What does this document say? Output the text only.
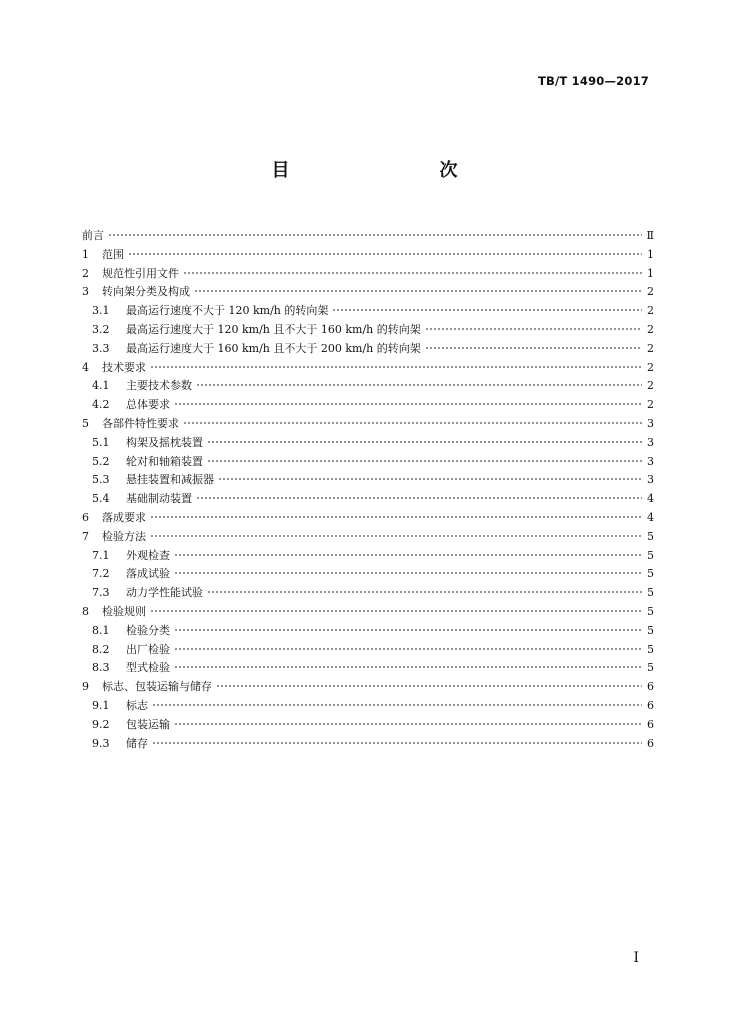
TB/T 1490—2017
目　　次
前言	Ⅱ
1	范围	1
2	规范性引用文件	1
3	转向架分类及构成	2
3.1	最高运行速度不大于 120 km/h 的转向架	2
3.2	最高运行速度大于 120 km/h 且不大于 160 km/h 的转向架	2
3.3	最高运行速度大于 160 km/h 且不大于 200 km/h 的转向架	2
4	技术要求	2
4.1	主要技术参数	2
4.2	总体要求	2
5	各部件特性要求	3
5.1	构架及摇枕装置	3
5.2	轮对和轴箱装置	3
5.3	悬挂装置和减振器	3
5.4	基础制动装置	4
6	落成要求	4
7	检验方法	5
7.1	外观检查	5
7.2	落成试验	5
7.3	动力学性能试验	5
8	检验规则	5
8.1	检验分类	5
8.2	出厂检验	5
8.3	型式检验	5
9	标志、包装运输与储存	6
9.1	标志	6
9.2	包装运输	6
9.3	储存	6
I
